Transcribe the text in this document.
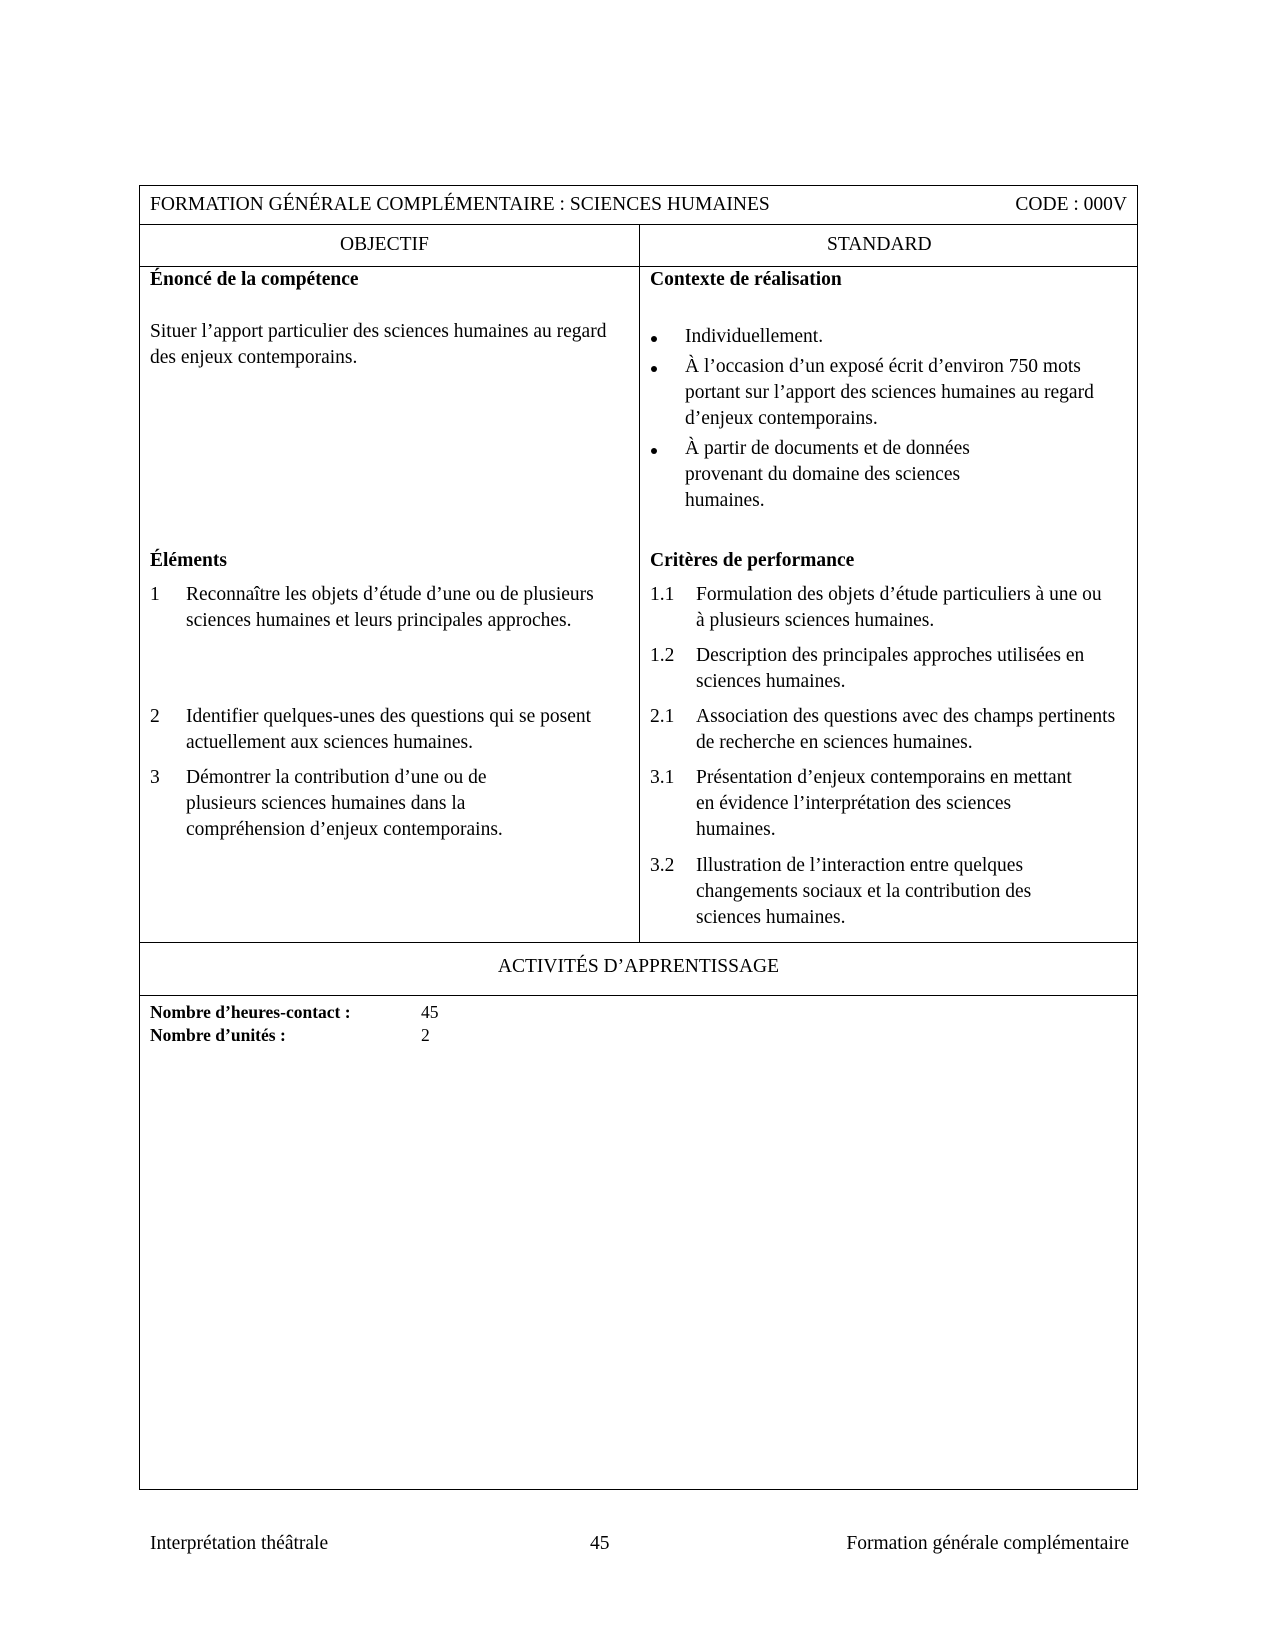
FORMATION GÉNÉRALE COMPLÉMENTAIRE : SCIENCES HUMAINES	CODE : 000V
OBJECTIF	STANDARD
Énoncé de la compétence
Situer l’apport particulier des sciences humaines au regard des enjeux contemporains.
Contexte de réalisation
Individuellement.
À l’occasion d’un exposé écrit d’environ 750 mots portant sur l’apport des sciences humaines au regard d’enjeux contemporains.
À partir de documents et de données provenant du domaine des sciences humaines.
Éléments
1 Reconnaître les objets d’étude d’une ou de plusieurs sciences humaines et leurs principales approches.
2 Identifier quelques-unes des questions qui se posent actuellement aux sciences humaines.
3 Démontrer la contribution d’une ou de plusieurs sciences humaines dans la compréhension d’enjeux contemporains.
Critères de performance
1.1 Formulation des objets d’étude particuliers à une ou à plusieurs sciences humaines.
1.2 Description des principales approches utilisées en sciences humaines.
2.1 Association des questions avec des champs pertinents de recherche en sciences humaines.
3.1 Présentation d’enjeux contemporains en mettant en évidence l’interprétation des sciences humaines.
3.2 Illustration de l’interaction entre quelques changements sociaux et la contribution des sciences humaines.
ACTIVITÉS D’APPRENTISSAGE
Nombre d’heures-contact :	45
Nombre d’unités :	2
Interprétation théâtrale	45	Formation générale complémentaire
